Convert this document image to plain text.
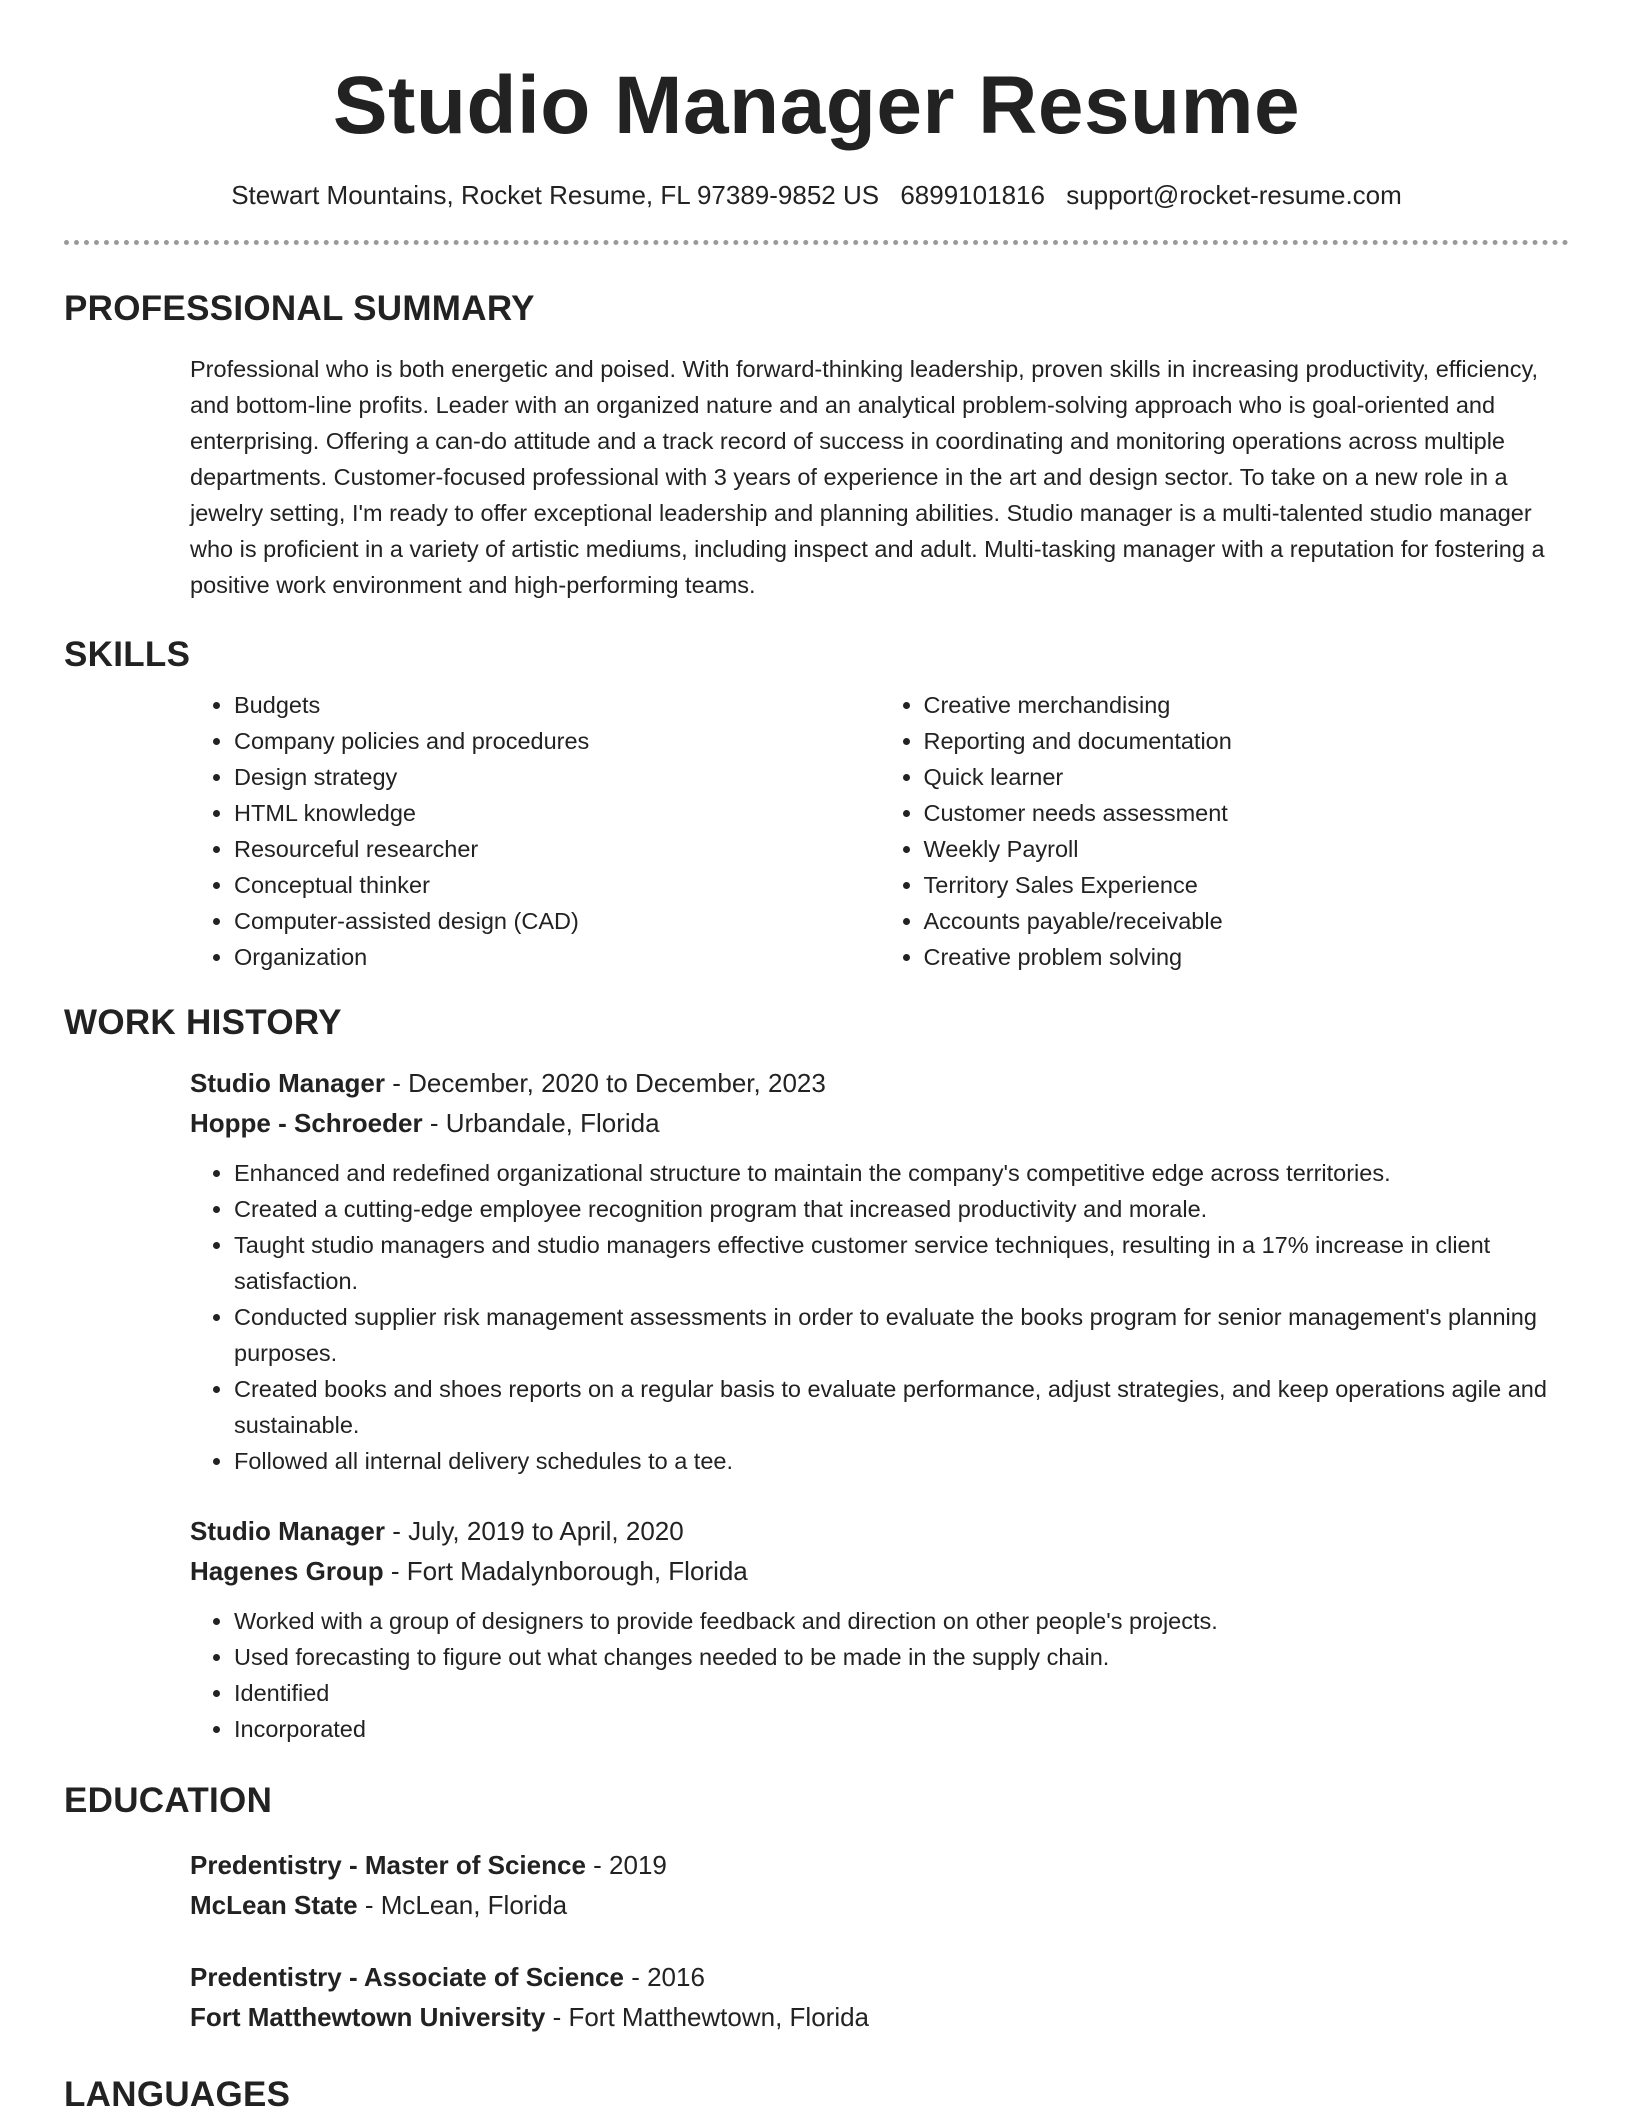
Studio Manager Resume
Stewart Mountains, Rocket Resume, FL 97389-9852 US 6899101816 support@rocket-resume.com
PROFESSIONAL SUMMARY
Professional who is both energetic and poised. With forward-thinking leadership, proven skills in increasing productivity, efficiency, and bottom-line profits. Leader with an organized nature and an analytical problem-solving approach who is goal-oriented and enterprising. Offering a can-do attitude and a track record of success in coordinating and monitoring operations across multiple departments. Customer-focused professional with 3 years of experience in the art and design sector. To take on a new role in a jewelry setting, I'm ready to offer exceptional leadership and planning abilities. Studio manager is a multi-talented studio manager who is proficient in a variety of artistic mediums, including inspect and adult. Multi-tasking manager with a reputation for fostering a positive work environment and high-performing teams.
SKILLS
• Budgets
• Company policies and procedures
• Design strategy
• HTML knowledge
• Resourceful researcher
• Conceptual thinker
• Computer-assisted design (CAD)
• Organization
• Creative merchandising
• Reporting and documentation
• Quick learner
• Customer needs assessment
• Weekly Payroll
• Territory Sales Experience
• Accounts payable/receivable
• Creative problem solving
WORK HISTORY
Studio Manager - December, 2020 to December, 2023
Hoppe - Schroeder - Urbandale, Florida
• Enhanced and redefined organizational structure to maintain the company's competitive edge across territories.
• Created a cutting-edge employee recognition program that increased productivity and morale.
• Taught studio managers and studio managers effective customer service techniques, resulting in a 17% increase in client satisfaction.
• Conducted supplier risk management assessments in order to evaluate the books program for senior management's planning purposes.
• Created books and shoes reports on a regular basis to evaluate performance, adjust strategies, and keep operations agile and sustainable.
• Followed all internal delivery schedules to a tee.
Studio Manager - July, 2019 to April, 2020
Hagenes Group - Fort Madalynborough, Florida
• Worked with a group of designers to provide feedback and direction on other people's projects.
• Used forecasting to figure out what changes needed to be made in the supply chain.
• Identified
• Incorporated
EDUCATION
Predentistry - Master of Science - 2019
McLean State - McLean, Florida
Predentistry - Associate of Science - 2016
Fort Matthewtown University - Fort Matthewtown, Florida
LANGUAGES
